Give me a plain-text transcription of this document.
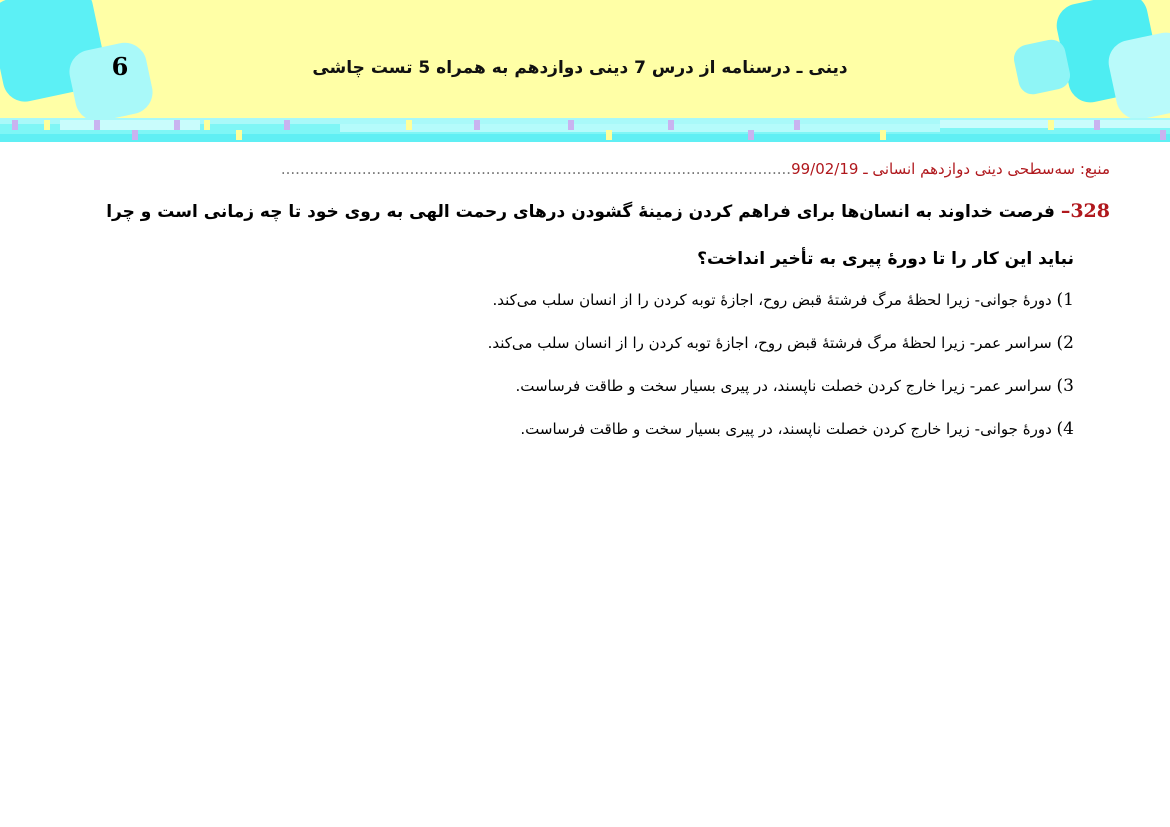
6	دینی ـ درسنامه از درس 7 دینی دوازدهم به همراه 5 تست چاشی
منبع: سه‌سطحی دینی دوازدهم انسانی ـ 99/02/19...........................................................................................................
328– فرصت خداوند به انسان‌ها برای فراهم کردن زمینۀ گشودن درهای رحمت الهی به روی خود تا چه زمانی است و چرا
نباید این کار را تا دورۀ پیری به تأخیر انداخت؟
1) دورۀ جوانی- زیرا لحظۀ مرگ فرشتۀ قبض روح، اجازۀ توبه کردن را از انسان سلب می‌کند.
2) سراسر عمر- زیرا لحظۀ مرگ فرشتۀ قبض روح، اجازۀ توبه کردن را از انسان سلب می‌کند.
3) سراسر عمر- زیرا خارج کردن خصلت ناپسند، در پیری بسیار سخت و طاقت فرساست.
4) دورۀ جوانی- زیرا خارج کردن خصلت ناپسند، در پیری بسیار سخت و طاقت فرساست.
